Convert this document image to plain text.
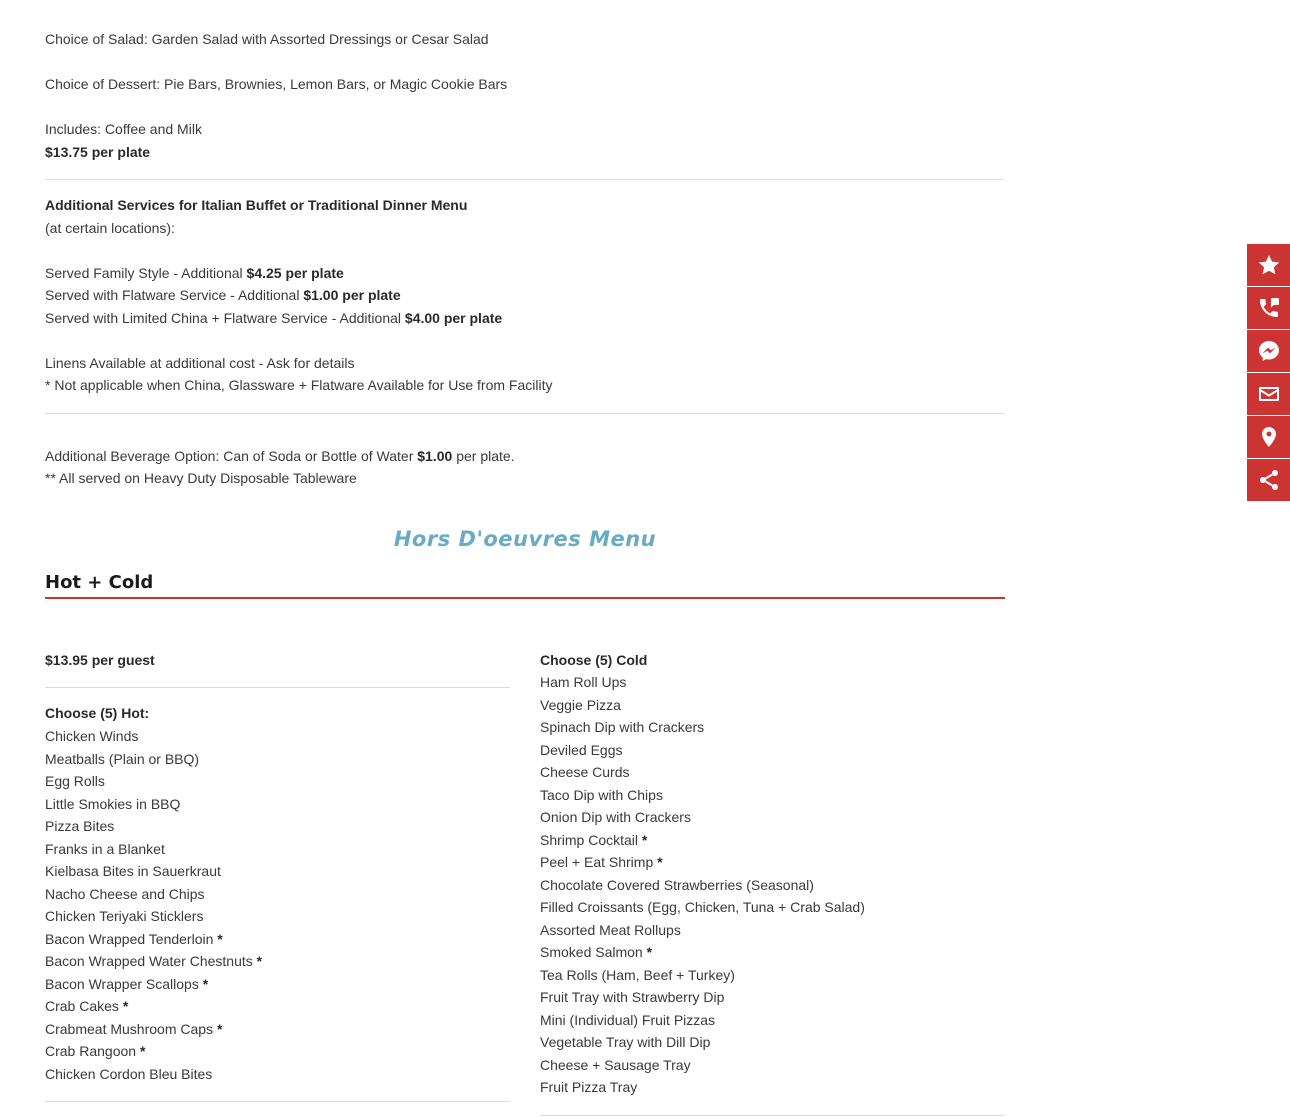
Choice of Salad: Garden Salad with Assorted Dressings or Cesar Salad
Choice of Dessert: Pie Bars, Brownies, Lemon Bars, or Magic Cookie Bars
Includes: Coffee and Milk
$13.75 per plate
Additional Services for Italian Buffet or Traditional Dinner Menu
(at certain locations):
Served Family Style - Additional $4.25 per plate
Served with Flatware Service - Additional $1.00 per plate
Served with Limited China + Flatware Service - Additional $4.00 per plate
Linens Available at additional cost - Ask for details
* Not applicable when China, Glassware + Flatware Available for Use from Facility
Additional Beverage Option: Can of Soda or Bottle of Water $1.00 per plate.
** All served on Heavy Duty Disposable Tableware
Hors D'oeuvres Menu
Hot + Cold
$13.95 per guest
Choose (5) Hot:
Chicken Winds
Meatballs (Plain or BBQ)
Egg Rolls
Little Smokies in BBQ
Pizza Bites
Franks in a Blanket
Kielbasa Bites in Sauerkraut
Nacho Cheese and Chips
Chicken Teriyaki Sticklers
Bacon Wrapped Tenderloin *
Bacon Wrapped Water Chestnuts *
Bacon Wrapper Scallops *
Crab Cakes *
Crabmeat Mushroom Caps *
Crab Rangoon *
Chicken Cordon Bleu Bites
Choose (5) Cold
Ham Roll Ups
Veggie Pizza
Spinach Dip with Crackers
Deviled Eggs
Cheese Curds
Taco Dip with Chips
Onion Dip with Crackers
Shrimp Cocktail *
Peel + Eat Shrimp *
Chocolate Covered Strawberries (Seasonal)
Filled Croissants (Egg, Chicken, Tuna + Crab Salad)
Assorted Meat Rollups
Smoked Salmon *
Tea Rolls (Ham, Beef + Turkey)
Fruit Tray with Strawberry Dip
Mini (Individual) Fruit Pizzas
Vegetable Tray with Dill Dip
Cheese + Sausage Tray
Fruit Pizza Tray
